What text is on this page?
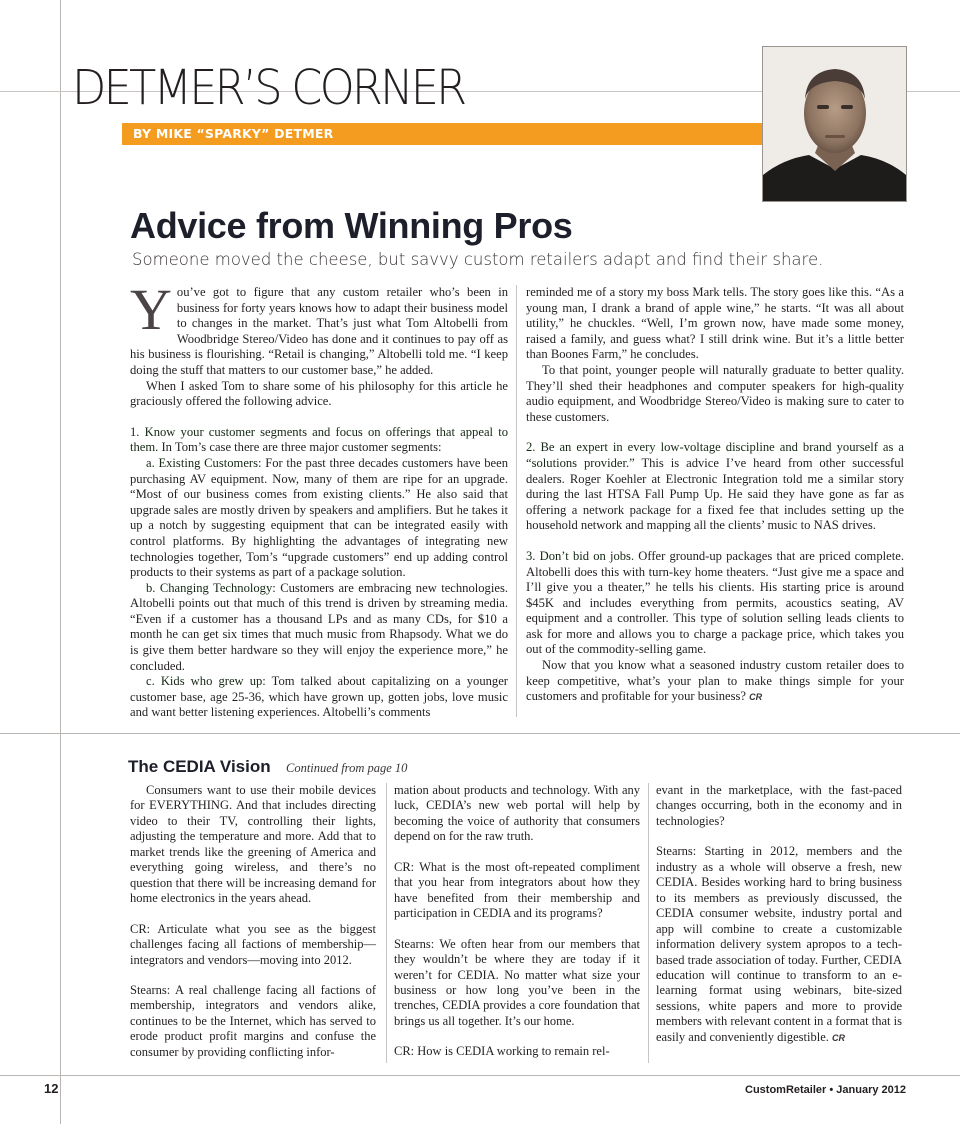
DETMER’S CORNER
BY MIKE “SPARKY” DETMER
Advice from Winning Pros
Someone moved the cheese, but savvy custom retailers adapt and find their share.

You’ve got to figure that any custom retailer who’s been in business for forty years knows how to adapt their business model to changes in the market. That’s just what Tom Altobelli from Woodbridge Stereo/Video has done and it continues to pay off as his business is flourishing. “Retail is changing,” Altobelli told me. “I keep doing the stuff that matters to our customer base,” he added.

When I asked Tom to share some of his philosophy for this article he graciously offered the following advice.

1. Know your customer segments and focus on offerings that appeal to them. In Tom’s case there are three major customer segments:

a. Existing Customers: For the past three decades customers have been purchasing AV equipment. Now, many of them are ripe for an upgrade. “Most of our business comes from existing clients.” He also said that upgrade sales are mostly driven by speakers and amplifiers. But he takes it up a notch by suggesting equipment that can be integrated easily with control platforms. By highlighting the advantages of integrating new technologies together, Tom’s “upgrade customers” end up adding control products to their systems as part of a package solution.

b. Changing Technology: Customers are embracing new technologies. Altobelli points out that much of this trend is driven by streaming media. “Even if a customer has a thousand LPs and as many CDs, for $10 a month he can get six times that much music from Rhapsody. What we do is give them better hardware so they will enjoy the experience more,” he concluded.

c. Kids who grew up: Tom talked about capitalizing on a younger customer base, age 25-36, which have grown up, gotten jobs, love music and want better listening experiences. Altobelli’s comments

reminded me of a story my boss Mark tells. The story goes like this. “As a young man, I drank a brand of apple wine,” he starts. “It was all about utility,” he chuckles. “Well, I’m grown now, have made some money, raised a family, and guess what? I still drink wine. But it’s a little better than Boones Farm,” he concludes.

To that point, younger people will naturally graduate to better quality. They’ll shed their headphones and computer speakers for high-quality audio equipment, and Woodbridge Stereo/Video is making sure to cater to these customers.

2. Be an expert in every low-voltage discipline and brand yourself as a “solutions provider.” This is advice I’ve heard from other successful dealers. Roger Koehler at Electronic Integration told me a similar story during the last HTSA Fall Pump Up. He said they have gone as far as offering a network package for a fixed fee that includes setting up the household network and mapping all the clients’ music to NAS drives.

3. Don’t bid on jobs. Offer ground-up packages that are priced complete. Altobelli does this with turn-key home theaters. “Just give me a space and I’ll give you a theater,” he tells his clients. His starting price is around $45K and includes everything from permits, acoustics seating, AV equipment and a controller. This type of solution selling leads clients to ask for more and allows you to charge a package price, which takes you out of the commodity-selling game.

Now that you know what a seasoned industry custom retailer does to keep competitive, what’s your plan to make things simple for your customers and profitable for your business? CR

The CEDIA Vision Continued from page 10

Consumers want to use their mobile devices for EVERYTHING. And that includes directing video to their TV, controlling their lights, adjusting the temperature and more. Add that to market trends like the greening of America and everything going wireless, and there’s no question that there will be increasing demand for home electronics in the years ahead.

CR: Articulate what you see as the biggest challenges facing all factions of membership—integrators and vendors—moving into 2012.

Stearns: A real challenge facing all factions of membership, integrators and vendors alike, continues to be the Internet, which has served to erode product profit margins and confuse the consumer by providing conflicting infor-

mation about products and technology. With any luck, CEDIA’s new web portal will help by becoming the voice of authority that consumers depend on for the raw truth.

CR: What is the most oft-repeated compliment that you hear from integrators about how they have benefited from their membership and participation in CEDIA and its programs?

Stearns: We often hear from our members that they wouldn’t be where they are today if it weren’t for CEDIA. No matter what size your business or how long you’ve been in the trenches, CEDIA provides a core foundation that brings us all together. It’s our home.

CR: How is CEDIA working to remain rel-

evant in the marketplace, with the fast-paced changes occurring, both in the economy and in technologies?

Stearns: Starting in 2012, members and the industry as a whole will observe a fresh, new CEDIA. Besides working hard to bring business to its members as previously discussed, the CEDIA consumer website, industry portal and app will combine to create a customizable information delivery system apropos to a tech-based trade association of today. Further, CEDIA education will continue to transform to an e-learning format using webinars, bite-sized sessions, white papers and more to provide members with relevant content in a format that is easily and conveniently digestible. CR

12	CustomRetailer • January 2012
